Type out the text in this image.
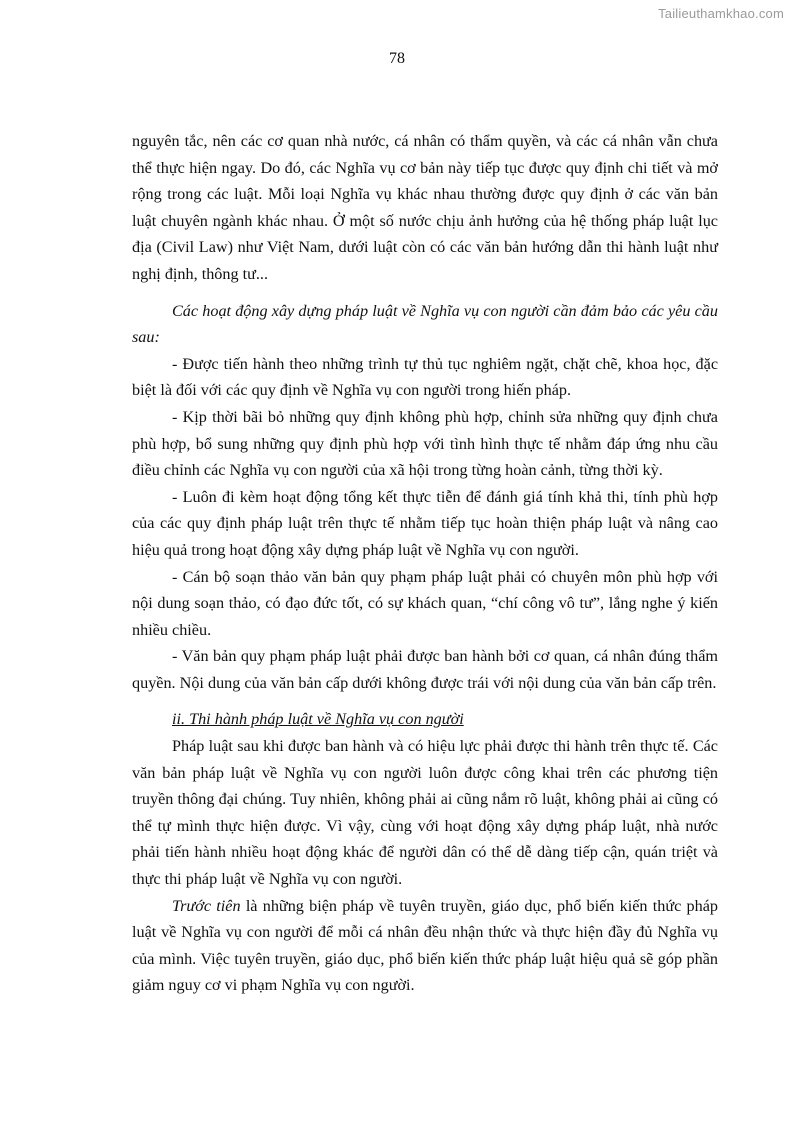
Tailieuthamkhao.com
78

nguyên tắc, nên các cơ quan nhà nước, cá nhân có thẩm quyền, và các cá nhân vẫn chưa thể thực hiện ngay. Do đó, các Nghĩa vụ cơ bản này tiếp tục được quy định chi tiết và mở rộng trong các luật. Mỗi loại Nghĩa vụ khác nhau thường được quy định ở các văn bản luật chuyên ngành khác nhau. Ở một số nước chịu ảnh hưởng của hệ thống pháp luật lục địa (Civil Law) như Việt Nam, dưới luật còn có các văn bản hướng dẫn thi hành luật như nghị định, thông tư...

Các hoạt động xây dựng pháp luật về Nghĩa vụ con người cần đảm bảo các yêu cầu sau:

- Được tiến hành theo những trình tự thủ tục nghiêm ngặt, chặt chẽ, khoa học, đặc biệt là đối với các quy định về Nghĩa vụ con người trong hiến pháp.

- Kịp thời bãi bỏ những quy định không phù hợp, chỉnh sửa những quy định chưa phù hợp, bổ sung những quy định phù hợp với tình hình thực tế nhằm đáp ứng nhu cầu điều chỉnh các Nghĩa vụ con người của xã hội trong từng hoàn cảnh, từng thời kỳ.

- Luôn đi kèm hoạt động tổng kết thực tiễn để đánh giá tính khả thi, tính phù hợp của các quy định pháp luật trên thực tế nhằm tiếp tục hoàn thiện pháp luật và nâng cao hiệu quả trong hoạt động xây dựng pháp luật về Nghĩa vụ con người.

- Cán bộ soạn thảo văn bản quy phạm pháp luật phải có chuyên môn phù hợp với nội dung soạn thảo, có đạo đức tốt, có sự khách quan, “chí công vô tư”, lắng nghe ý kiến nhiều chiều.

- Văn bản quy phạm pháp luật phải được ban hành bởi cơ quan, cá nhân đúng thẩm quyền. Nội dung của văn bản cấp dưới không được trái với nội dung của văn bản cấp trên.

ii. Thi hành pháp luật về Nghĩa vụ con người

Pháp luật sau khi được ban hành và có hiệu lực phải được thi hành trên thực tế. Các văn bản pháp luật về Nghĩa vụ con người luôn được công khai trên các phương tiện truyền thông đại chúng. Tuy nhiên, không phải ai cũng nắm rõ luật, không phải ai cũng có thể tự mình thực hiện được. Vì vậy, cùng với hoạt động xây dựng pháp luật, nhà nước phải tiến hành nhiều hoạt động khác để người dân có thể dễ dàng tiếp cận, quán triệt và thực thi pháp luật về Nghĩa vụ con người.

Trước tiên là những biện pháp về tuyên truyền, giáo dục, phổ biến kiến thức pháp luật về Nghĩa vụ con người để mỗi cá nhân đều nhận thức và thực hiện đầy đủ Nghĩa vụ của mình. Việc tuyên truyền, giáo dục, phổ biến kiến thức pháp luật hiệu quả sẽ góp phần giảm nguy cơ vi phạm Nghĩa vụ con người.
